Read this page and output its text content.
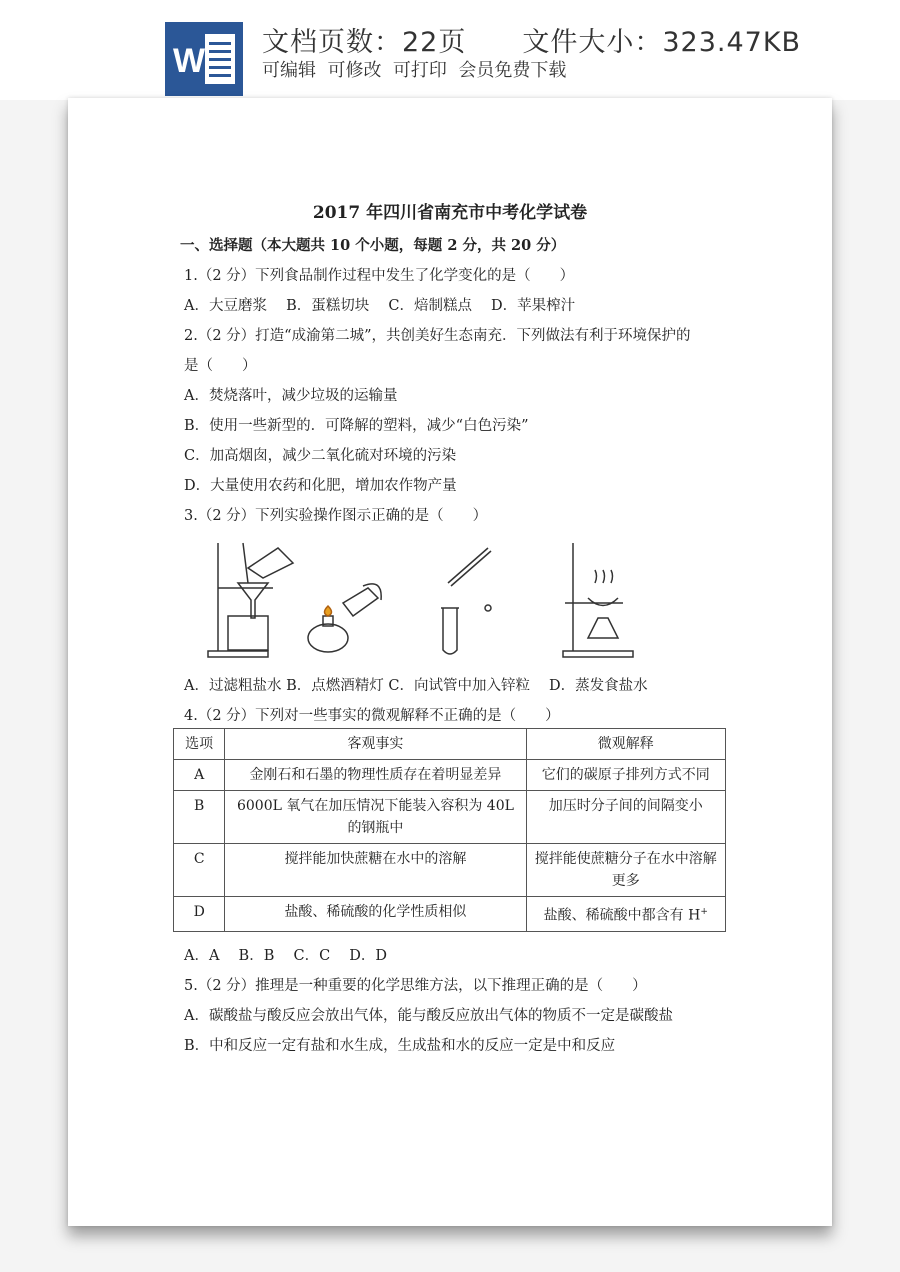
W 文档页数：22页　　文件大小：323.47KB
可编辑  可修改  可打印  会员免费下载
2017 年四川省南充市中考化学试卷
一、选择题（本大题共 10 个小题，每题 2 分，共 20 分）
1.（2 分）下列食品制作过程中发生了化学变化的是（　　）
A．大豆磨浆　 B．蛋糕切块　 C．焙制糕点　 D．苹果榨汁
2.（2 分）打造“成渝第二城”，共创美好生态南充．下列做法有利于环境保护的
是（　　）
A．焚烧落叶，减少垃圾的运输量
B．使用一些新型的．可降解的塑料，减少“白色污染”
C．加高烟囱，减少二氧化硫对环境的污染
D．大量使用农药和化肥，增加农作物产量
3.（2 分）下列实验操作图示正确的是（　　）
A．过滤粗盐水 B．点燃酒精灯 C．向试管中加入锌粒　 D．蒸发食盐水
4.（2 分）下列对一些事实的微观解释不正确的是（　　）
选项	客观事实	微观解释
A	金刚石和石墨的物理性质存在着明显差异	它们的碳原子排列方式不同
B	6000L 氧气在加压情况下能装入容积为 40L 的钢瓶中	加压时分子间的间隔变小
C	搅拌能加快蔗糖在水中的溶解	搅拌能使蔗糖分子在水中溶解更多
D	盐酸、稀硫酸的化学性质相似	盐酸、稀硫酸中都含有 H+
A．A　 B．B　 C．C　 D．D
5.（2 分）推理是一种重要的化学思维方法，以下推理正确的是（　　）
A．碳酸盐与酸反应会放出气体，能与酸反应放出气体的物质不一定是碳酸盐
B．中和反应一定有盐和水生成，生成盐和水的反应一定是中和反应
